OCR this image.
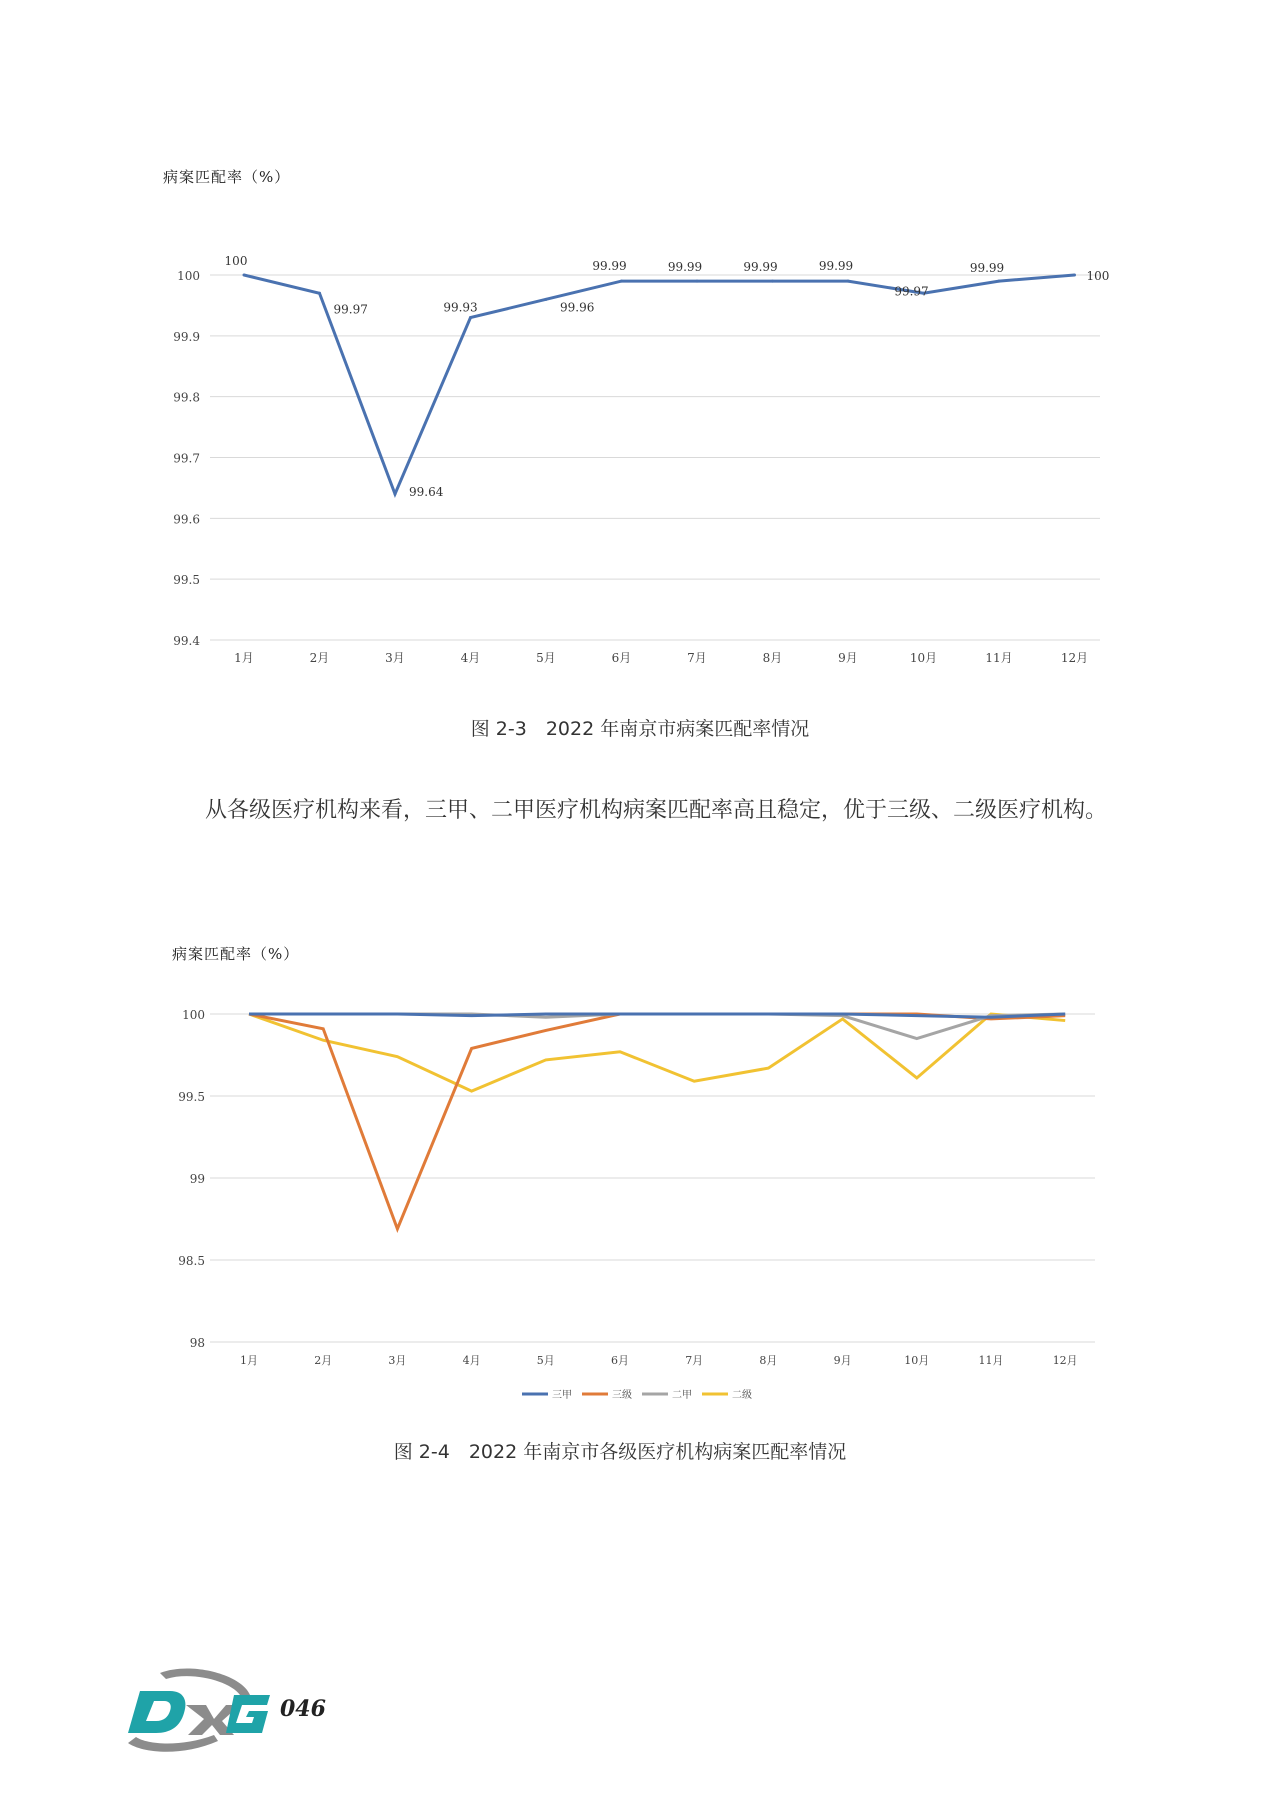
病案匹配率（%）
99.4
99.5
99.6
99.7
99.8
99.9
100
1月	2月	3月	4月	5月	6月	7月	8月	9月	10月	11月	12月
100
99.97
99.64
99.93	99.96
99.99	99.99	99.99	99.99
99.97
99.99
100
图 2-3　2022 年南京市病案匹配率情况

从各级医疗机构来看，三甲、二甲医疗机构病案匹配率高且稳定，优于三级、二级医疗机构。

病案匹配率（%）
98
98.5
99
99.5
100
1月	2月	3月	4月	5月	6月	7月	8月	9月	10月	11月	12月
三甲	三级	二甲	二级
图 2-4　2022 年南京市各级医疗机构病案匹配率情况
046
